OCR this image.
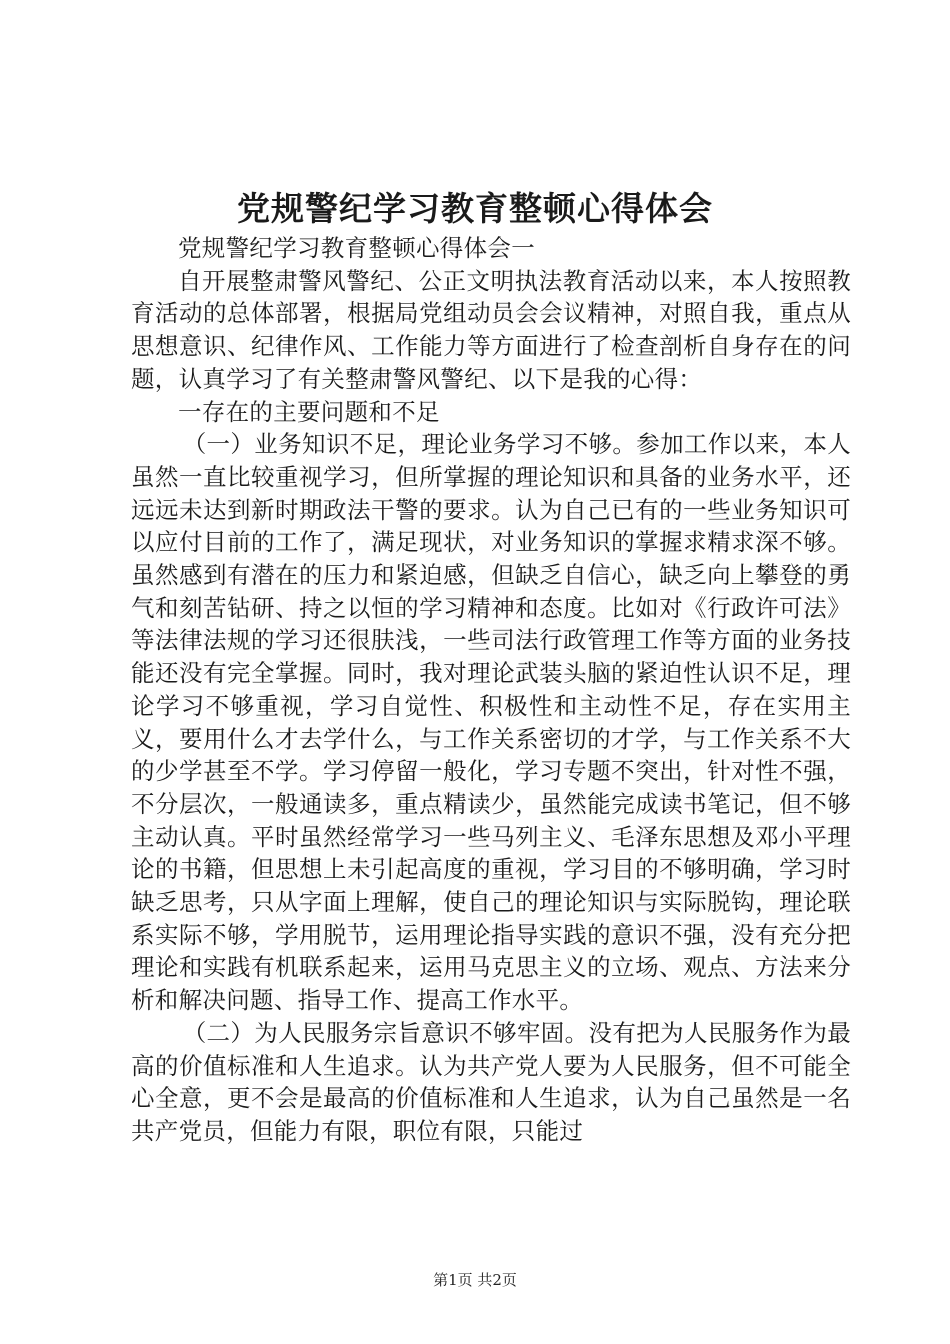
党规警纪学习教育整顿心得体会

党规警纪学习教育整顿心得体会一

自开展整肃警风警纪、公正文明执法教育活动以来，本人按照教育活动的总体部署，根据局党组动员会会议精神，对照自我，重点从思想意识、纪律作风、工作能力等方面进行了检查剖析自身存在的问题，认真学习了有关整肃警风警纪、以下是我的心得：

一存在的主要问题和不足

（一）业务知识不足，理论业务学习不够。参加工作以来，本人虽然一直比较重视学习，但所掌握的理论知识和具备的业务水平，还远远未达到新时期政法干警的要求。认为自己已有的一些业务知识可以应付目前的工作了，满足现状，对业务知识的掌握求精求深不够。虽然感到有潜在的压力和紧迫感，但缺乏自信心，缺乏向上攀登的勇气和刻苦钻研、持之以恒的学习精神和态度。比如对《行政许可法》等法律法规的学习还很肤浅，一些司法行政管理工作等方面的业务技能还没有完全掌握。同时，我对理论武装头脑的紧迫性认识不足，理论学习不够重视，学习自觉性、积极性和主动性不足，存在实用主义，要用什么才去学什么，与工作关系密切的才学，与工作关系不大的少学甚至不学。学习停留一般化，学习专题不突出，针对性不强，不分层次，一般通读多，重点精读少，虽然能完成读书笔记，但不够主动认真。平时虽然经常学习一些马列主义、毛泽东思想及邓小平理论的书籍，但思想上未引起高度的重视，学习目的不够明确，学习时缺乏思考，只从字面上理解，使自己的理论知识与实际脱钩，理论联系实际不够，学用脱节，运用理论指导实践的意识不强，没有充分把理论和实践有机联系起来，运用马克思主义的立场、观点、方法来分析和解决问题、指导工作、提高工作水平。

（二）为人民服务宗旨意识不够牢固。没有把为人民服务作为最高的价值标准和人生追求。认为共产党人要为人民服务，但不可能全心全意，更不会是最高的价值标准和人生追求，认为自己虽然是一名共产党员，但能力有限，职位有限，只能过

第1页 共2页
